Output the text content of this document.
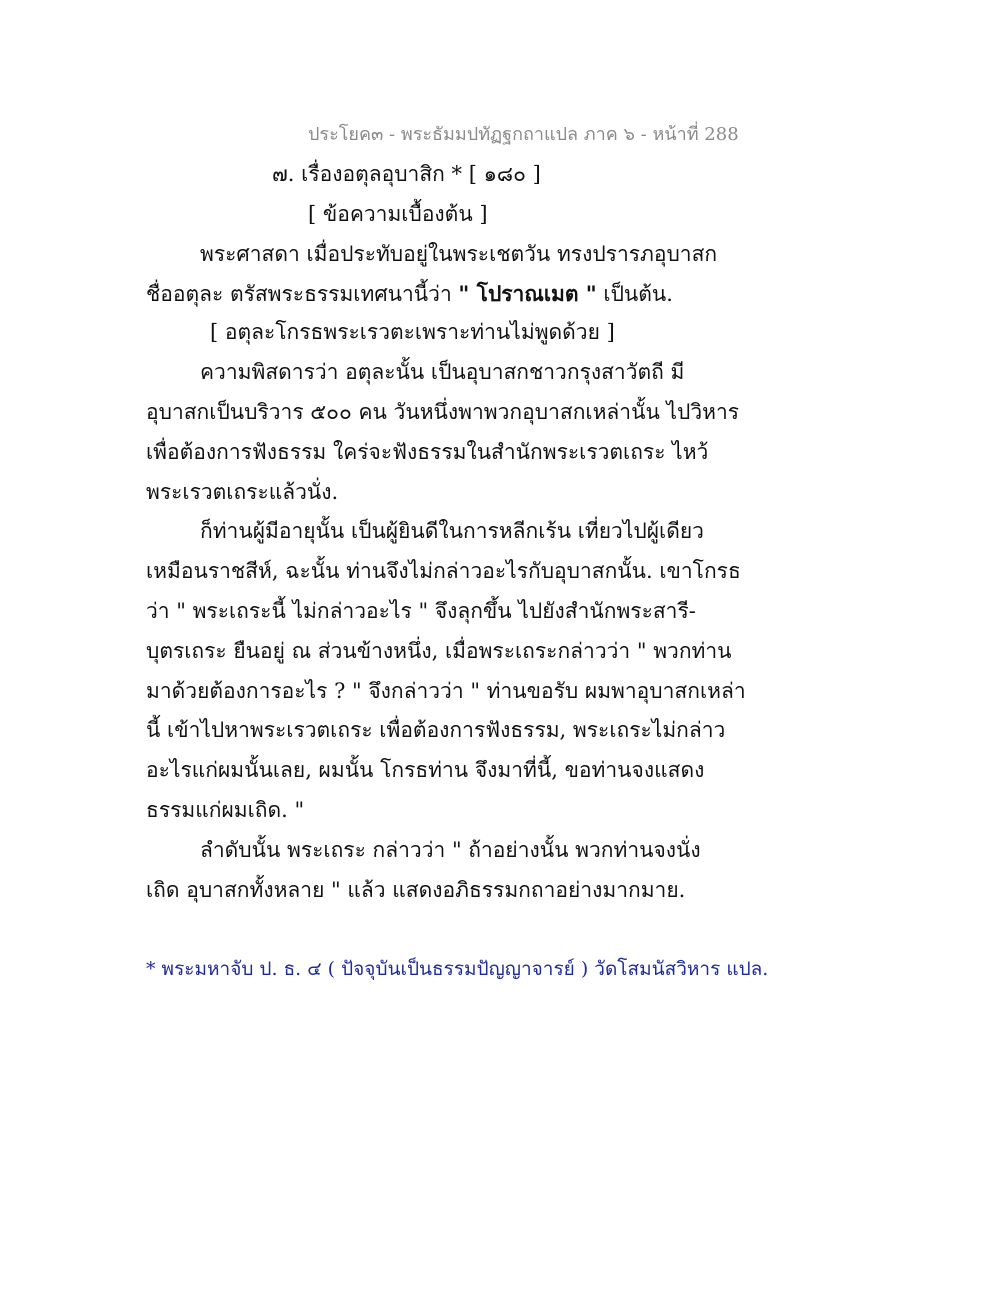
ประโยค๓ - พระธัมมปทัฏฐกถาแปล ภาค ๖ - หน้าที่ 288
๗. เรื่องอตุลอุบาสิก * [ ๑๘๐ ]
[ ข้อความเบื้องต้น ]
พระศาสดา เมื่อประทับอยู่ในพระเชตวัน ทรงปรารภอุบาสก
ชื่ออตุละ ตรัสพระธรรมเทศนานี้ว่า " โปราณเมต " เป็นต้น.
[ อตุละโกรธพระเรวตะเพราะท่านไม่พูดด้วย ]
ความพิสดารว่า อตุละนั้น เป็นอุบาสกชาวกรุงสาวัตถี มี
อุบาสกเป็นบริวาร ๕๐๐ คน วันหนึ่งพาพวกอุบาสกเหล่านั้น ไปวิหาร
เพื่อต้องการฟังธรรม ใคร่จะฟังธรรมในสำนักพระเรวตเถระ ไหว้
พระเรวตเถระแล้วนั่ง.
ก็ท่านผู้มีอายุนั้น เป็นผู้ยินดีในการหลีกเร้น เที่ยวไปผู้เดียว
เหมือนราชสีห์, ฉะนั้น ท่านจึงไม่กล่าวอะไรกับอุบาสกนั้น. เขาโกรธ
ว่า " พระเถระนี้ ไม่กล่าวอะไร " จึงลุกขึ้น ไปยังสำนักพระสารี-
บุตรเถระ ยืนอยู่ ณ ส่วนข้างหนึ่ง, เมื่อพระเถระกล่าวว่า " พวกท่าน
มาด้วยต้องการอะไร ? " จึงกล่าวว่า " ท่านขอรับ ผมพาอุบาสกเหล่า
นี้ เข้าไปหาพระเรวตเถระ เพื่อต้องการฟังธรรม, พระเถระไม่กล่าว
อะไรแก่ผมนั้นเลย, ผมนั้น โกรธท่าน จึงมาที่นี้, ขอท่านจงแสดง
ธรรมแก่ผมเถิด. "
ลำดับนั้น พระเถระ กล่าวว่า " ถ้าอย่างนั้น พวกท่านจงนั่ง
เถิด อุบาสกทั้งหลาย " แล้ว แสดงอภิธรรมกถาอย่างมากมาย.
* พระมหาจับ ป. ธ. ๔ ( ปัจจุบันเป็นธรรมปัญญาจารย์ ) วัดโสมนัสวิหาร แปล.
